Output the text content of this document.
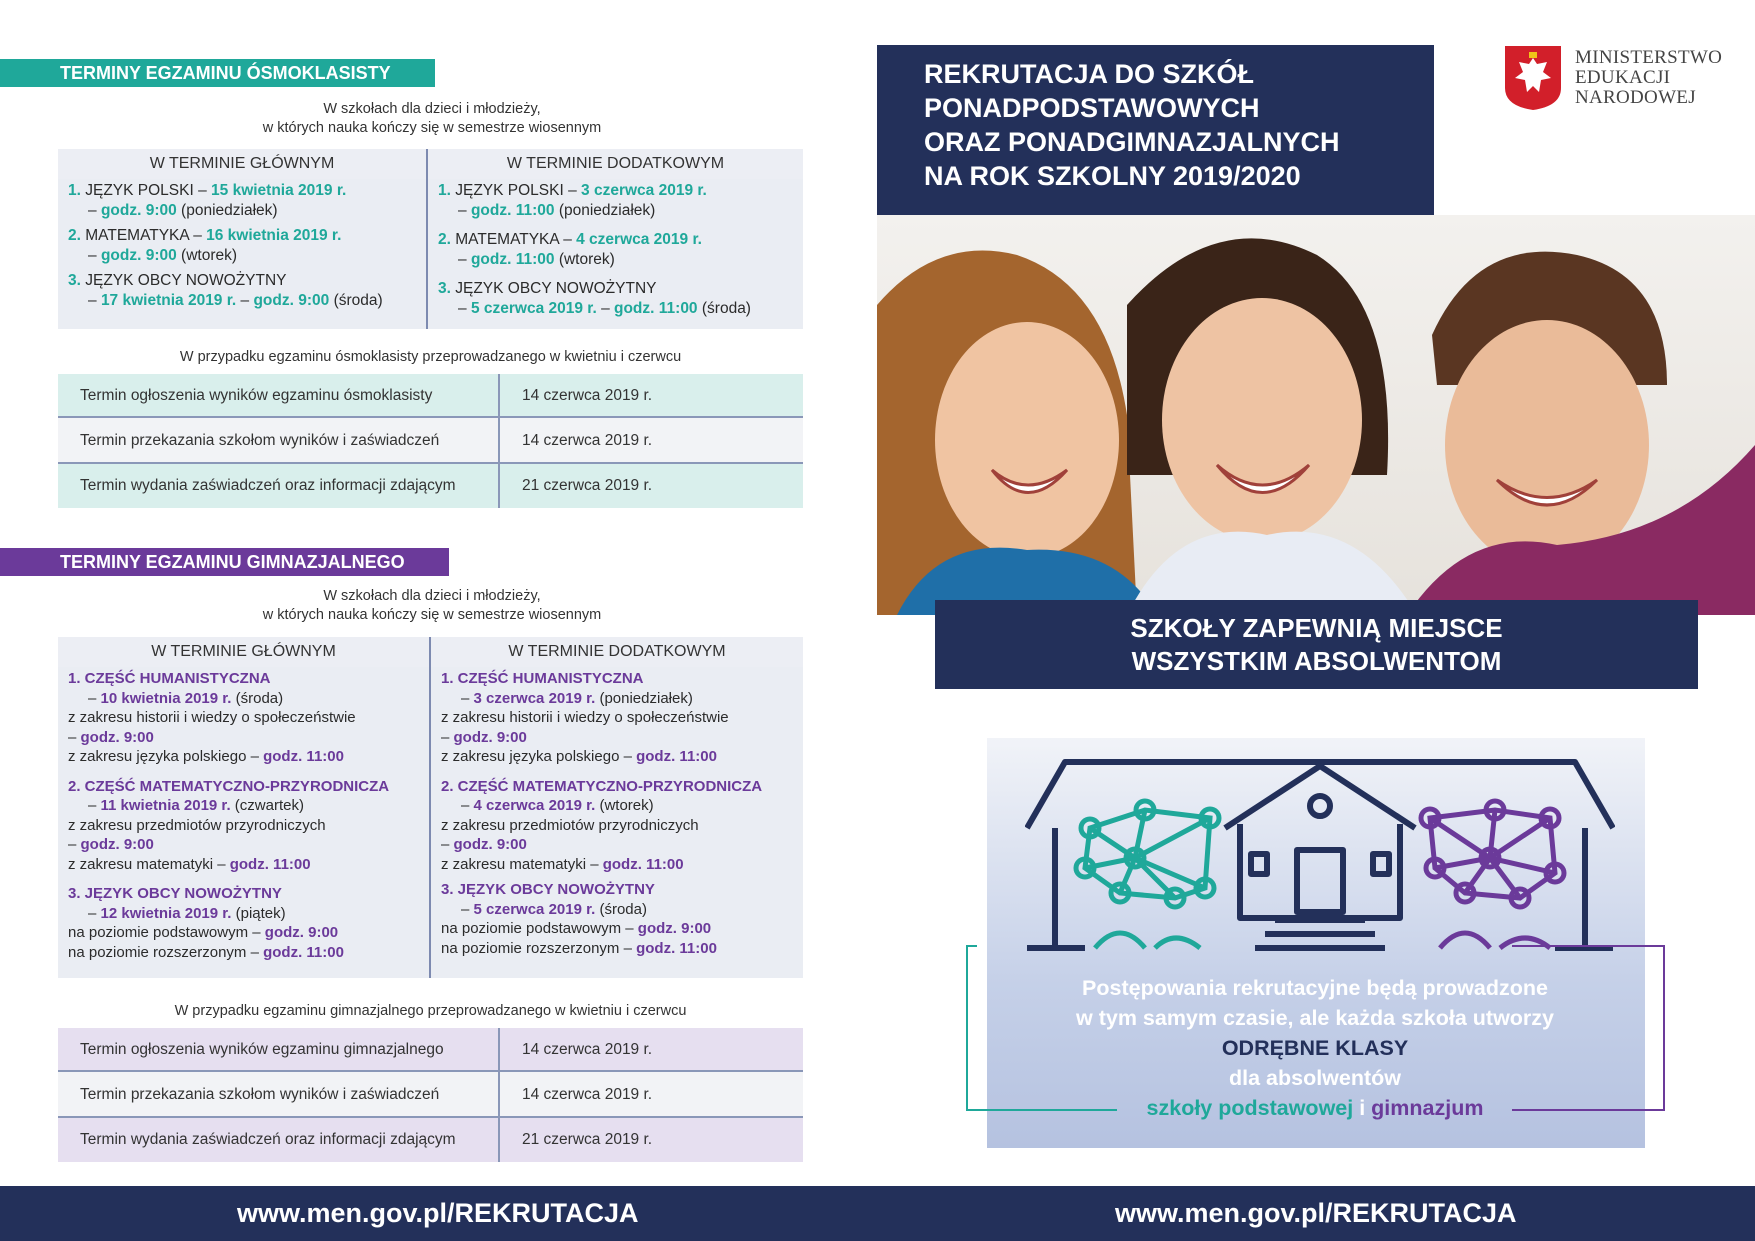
TERMINY EGZAMINU ÓSMOKLASISTY
W szkołach dla dzieci i młodzieży,
w których nauka kończy się w semestrze wiosennym
W TERMINIE GŁÓWNYM
1. JĘZYK POLSKI – 15 kwietnia 2019 r.
– godz. 9:00 (poniedziałek)
2. MATEMATYKA – 16 kwietnia 2019 r.
– godz. 9:00 (wtorek)
3. JĘZYK OBCY NOWOŻYTNY
– 17 kwietnia 2019 r. – godz. 9:00 (środa)
W TERMINIE DODATKOWYM
1. JĘZYK POLSKI – 3 czerwca 2019 r.
– godz. 11:00 (poniedziałek)
2. MATEMATYKA – 4 czerwca 2019 r.
– godz. 11:00 (wtorek)
3. JĘZYK OBCY NOWOŻYTNY
– 5 czerwca 2019 r. – godz. 11:00 (środa)
W przypadku egzaminu ósmoklasisty przeprowadzanego w kwietniu i czerwcu
Termin ogłoszenia wyników egzaminu ósmoklasisty	14 czerwca 2019 r.
Termin przekazania szkołom wyników i zaświadczeń	14 czerwca 2019 r.
Termin wydania zaświadczeń oraz informacji zdającym	21 czerwca 2019 r.
TERMINY EGZAMINU GIMNAZJALNEGO
W szkołach dla dzieci i młodzieży,
w których nauka kończy się w semestrze wiosennym
W TERMINIE GŁÓWNYM
1. CZĘŚĆ HUMANISTYCZNA
– 10 kwietnia 2019 r. (środa)
z zakresu historii i wiedzy o społeczeństwie
– godz. 9:00
z zakresu języka polskiego – godz. 11:00
2. CZĘŚĆ MATEMATYCZNO-PRZYRODNICZA
– 11 kwietnia 2019 r. (czwartek)
z zakresu przedmiotów przyrodniczych
– godz. 9:00
z zakresu matematyki – godz. 11:00
3. JĘZYK OBCY NOWOŻYTNY
– 12 kwietnia 2019 r. (piątek)
na poziomie podstawowym – godz. 9:00
na poziomie rozszerzonym – godz. 11:00
W TERMINIE DODATKOWYM
1. CZĘŚĆ HUMANISTYCZNA
– 3 czerwca 2019 r. (poniedziałek)
z zakresu historii i wiedzy o społeczeństwie
– godz. 9:00
z zakresu języka polskiego – godz. 11:00
2. CZĘŚĆ MATEMATYCZNO-PRZYRODNICZA
– 4 czerwca 2019 r. (wtorek)
z zakresu przedmiotów przyrodniczych
– godz. 9:00
z zakresu matematyki – godz. 11:00
3. JĘZYK OBCY NOWOŻYTNY
– 5 czerwca 2019 r. (środa)
na poziomie podstawowym – godz. 9:00
na poziomie rozszerzonym – godz. 11:00
W przypadku egzaminu gimnazjalnego przeprowadzanego w kwietniu i czerwcu
Termin ogłoszenia wyników egzaminu gimnazjalnego	14 czerwca 2019 r.
Termin przekazania szkołom wyników i zaświadczeń	14 czerwca 2019 r.
Termin wydania zaświadczeń oraz informacji zdającym	21 czerwca 2019 r.
REKRUTACJA DO SZKÓŁ
PONADPODSTAWOWYCH
ORAZ PONADGIMNAZJALNYCH
NA ROK SZKOLNY 2019/2020
MINISTERSTWO
EDUKACJI
NARODOWEJ
SZKOŁY ZAPEWNIĄ MIEJSCE
WSZYSTKIM ABSOLWENTOM
Postępowania rekrutacyjne będą prowadzone
w tym samym czasie, ale każda szkoła utworzy
ODRĘBNE KLASY
dla absolwentów
szkoły podstawowej i gimnazjum
www.men.gov.pl/REKRUTACJA	www.men.gov.pl/REKRUTACJA
